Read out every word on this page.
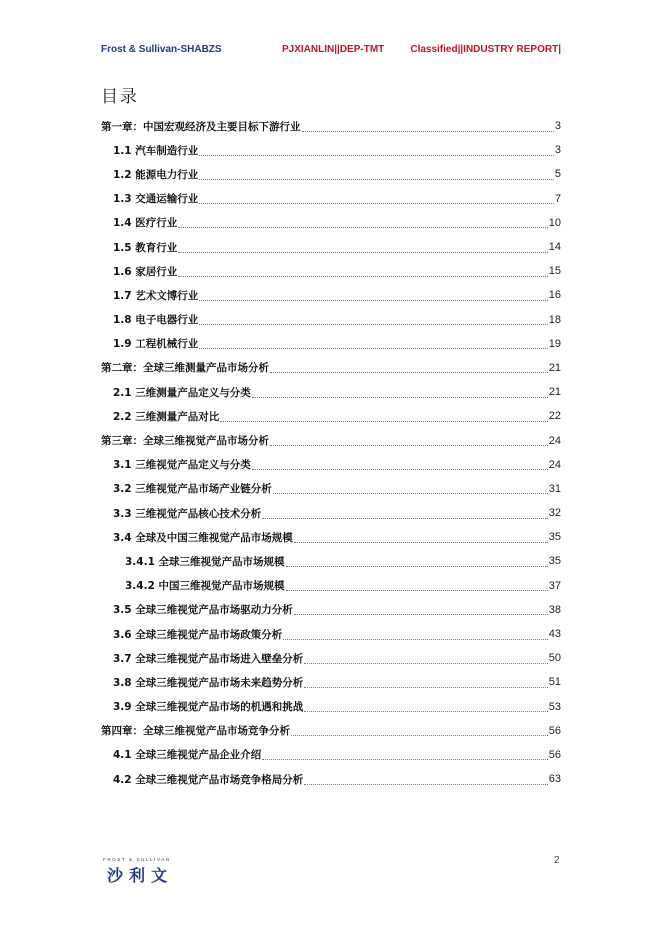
Frost & Sullivan-SHABZS	PJXIANLIN||DEP-TMT	Classified||INDUSTRY REPORT|
目录
第一章：中国宏观经济及主要目标下游行业	3
1.1 汽车制造行业	3
1.2 能源电力行业	5
1.3 交通运输行业	7
1.4 医疗行业	10
1.5 教育行业	14
1.6 家居行业	15
1.7 艺术文博行业	16
1.8 电子电器行业	18
1.9 工程机械行业	19
第二章：全球三维测量产品市场分析	21
2.1 三维测量产品定义与分类	21
2.2 三维测量产品对比	22
第三章：全球三维视觉产品市场分析	24
3.1 三维视觉产品定义与分类	24
3.2 三维视觉产品市场产业链分析	31
3.3 三维视觉产品核心技术分析	32
3.4 全球及中国三维视觉产品市场规模	35
3.4.1 全球三维视觉产品市场规模	35
3.4.2 中国三维视觉产品市场规模	37
3.5 全球三维视觉产品市场驱动力分析	38
3.6 全球三维视觉产品市场政策分析	43
3.7 全球三维视觉产品市场进入壁垒分析	50
3.8 全球三维视觉产品市场未来趋势分析	51
3.9 全球三维视觉产品市场的机遇和挑战	53
第四章：全球三维视觉产品市场竞争分析	56
4.1 全球三维视觉产品企业介绍	56
4.2 全球三维视觉产品市场竞争格局分析	63
FROST & SULLIVAN
沙利文
2
